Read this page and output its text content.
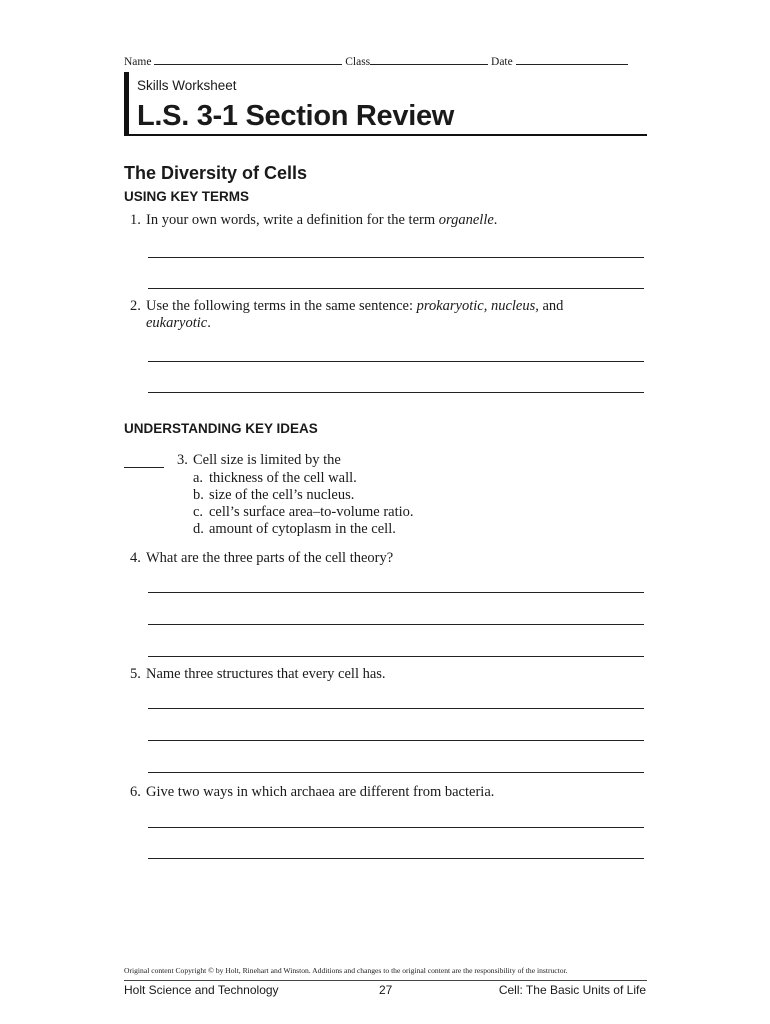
Name	Class	Date
Skills Worksheet
L.S. 3-1 Section Review
The Diversity of Cells
USING KEY TERMS
1. In your own words, write a definition for the term organelle.
2. Use the following terms in the same sentence: prokaryotic, nucleus, and
eukaryotic.
UNDERSTANDING KEY IDEAS
3. Cell size is limited by the
a. thickness of the cell wall.
b. size of the cell’s nucleus.
c. cell’s surface area–to-volume ratio.
d. amount of cytoplasm in the cell.
4. What are the three parts of the cell theory?
5. Name three structures that every cell has.
6. Give two ways in which archaea are different from bacteria.
Original content Copyright © by Holt, Rinehart and Winston. Additions and changes to the original content are the responsibility of the instructor.
Holt Science and Technology	27	Cell: The Basic Units of Life
